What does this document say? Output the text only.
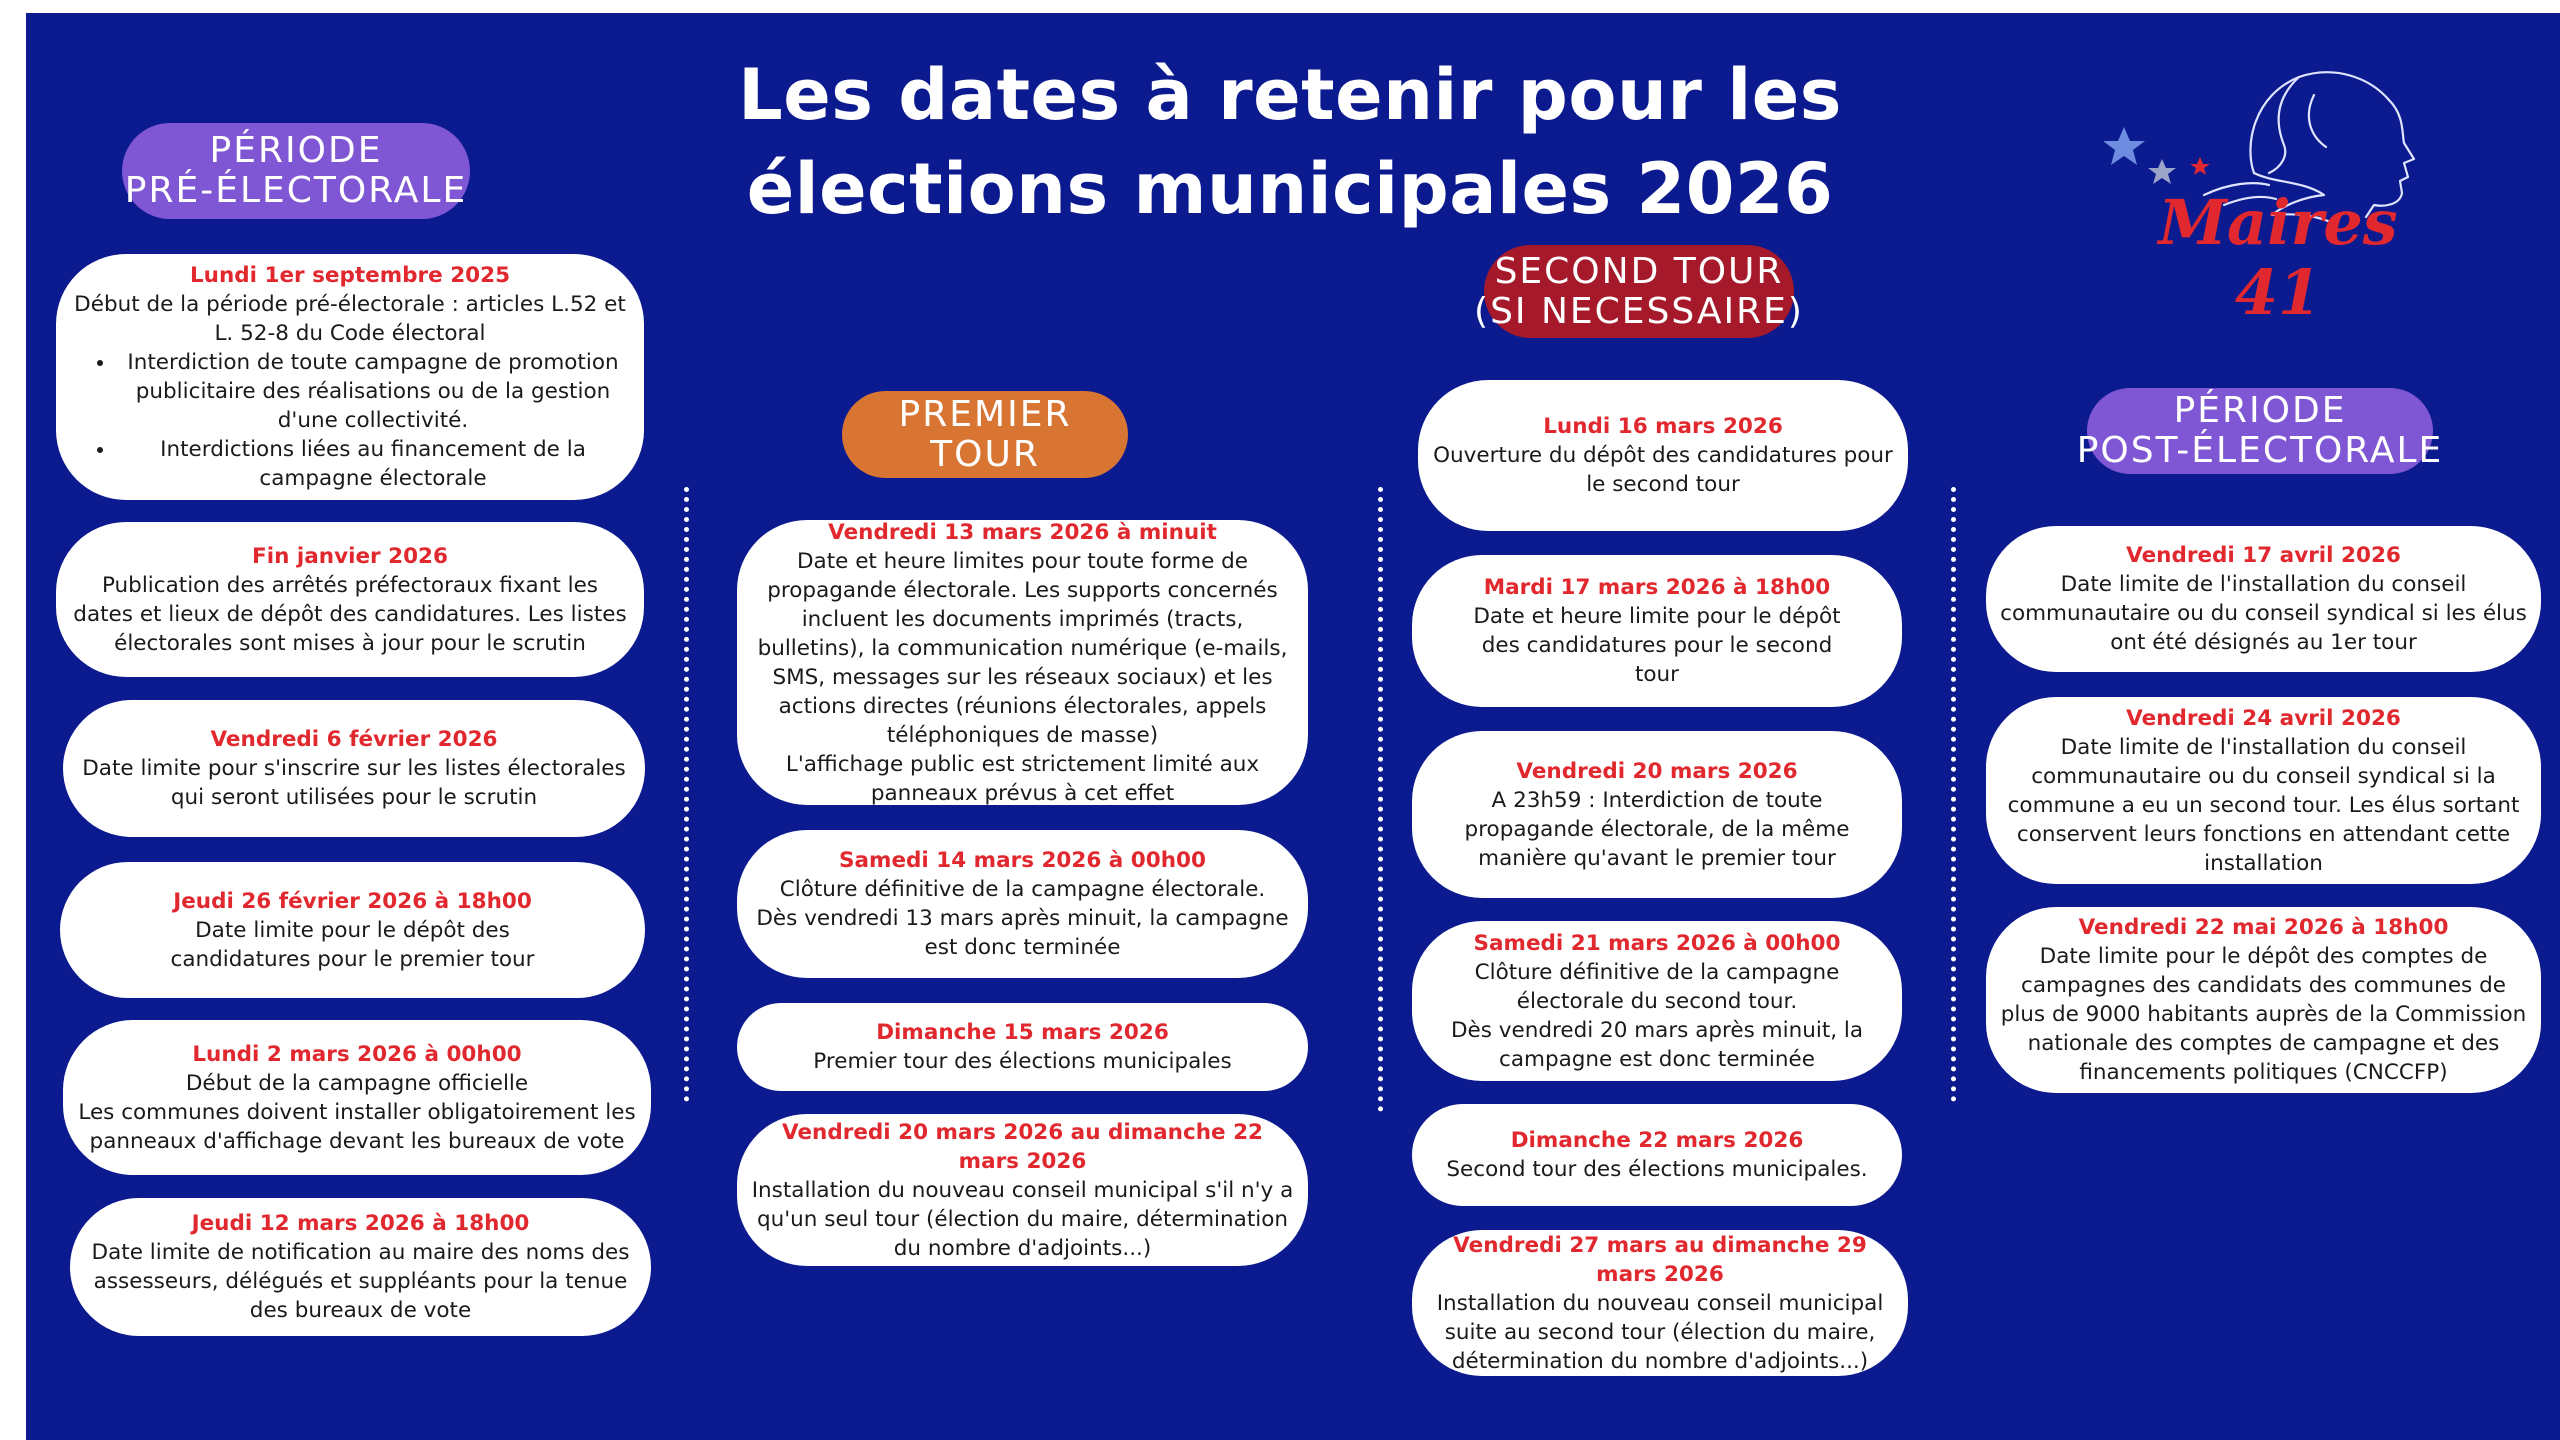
Les dates à retenir pour les
élections municipales 2026	Maires 41
PÉRIODE
PRÉ-ÉLECTORALE
PREMIER
TOUR
SECOND TOUR
(SI NECESSAIRE)
PÉRIODE
POST-ÉLECTORALE
Lundi 1er septembre 2025
Début de la période pré-électorale : articles L.52 et L. 52-8 du Code électoral
• Interdiction de toute campagne de promotion publicitaire des réalisations ou de la gestion d'une collectivité.
• Interdictions liées au financement de la campagne électorale
Fin janvier 2026
Publication des arrêtés préfectoraux fixant les dates et lieux de dépôt des candidatures. Les listes électorales sont mises à jour pour le scrutin
Vendredi 6 février 2026
Date limite pour s'inscrire sur les listes électorales qui seront utilisées pour le scrutin
Jeudi 26 février 2026 à 18h00
Date limite pour le dépôt des candidatures pour le premier tour
Lundi 2 mars 2026 à 00h00
Début de la campagne officielle
Les communes doivent installer obligatoirement les panneaux d'affichage devant les bureaux de vote
Jeudi 12 mars 2026 à 18h00
Date limite de notification au maire des noms des assesseurs, délégués et suppléants pour la tenue des bureaux de vote
Vendredi 13 mars 2026 à minuit
Date et heure limites pour toute forme de propagande électorale. Les supports concernés incluent les documents imprimés (tracts, bulletins), la communication numérique (e-mails, SMS, messages sur les réseaux sociaux) et les actions directes (réunions électorales, appels téléphoniques de masse)
L'affichage public est strictement limité aux panneaux prévus à cet effet
Samedi 14 mars 2026 à 00h00
Clôture définitive de la campagne électorale.
Dès vendredi 13 mars après minuit, la campagne est donc terminée
Dimanche 15 mars 2026
Premier tour des élections municipales
Vendredi 20 mars 2026 au dimanche 22 mars 2026
Installation du nouveau conseil municipal s'il n'y a qu'un seul tour (élection du maire, détermination du nombre d'adjoints...)
Lundi 16 mars 2026
Ouverture du dépôt des candidatures pour le second tour
Mardi 17 mars 2026 à 18h00
Date et heure limite pour le dépôt des candidatures pour le second tour
Vendredi 20 mars 2026
A 23h59 : Interdiction de toute propagande électorale, de la même manière qu'avant le premier tour
Samedi 21 mars 2026 à 00h00
Clôture définitive de la campagne électorale du second tour.
Dès vendredi 20 mars après minuit, la campagne est donc terminée
Dimanche 22 mars 2026
Second tour des élections municipales.
Vendredi 27 mars au dimanche 29 mars 2026
Installation du nouveau conseil municipal suite au second tour (élection du maire, détermination du nombre d'adjoints...)
Vendredi 17 avril 2026
Date limite de l'installation du conseil communautaire ou du conseil syndical si les élus ont été désignés au 1er tour
Vendredi 24 avril 2026
Date limite de l'installation du conseil communautaire ou du conseil syndical si la commune a eu un second tour. Les élus sortant conservent leurs fonctions en attendant cette installation
Vendredi 22 mai 2026 à 18h00
Date limite pour le dépôt des comptes de campagnes des candidats des communes de plus de 9000 habitants auprès de la Commission nationale des comptes de campagne et des financements politiques (CNCCFP)
